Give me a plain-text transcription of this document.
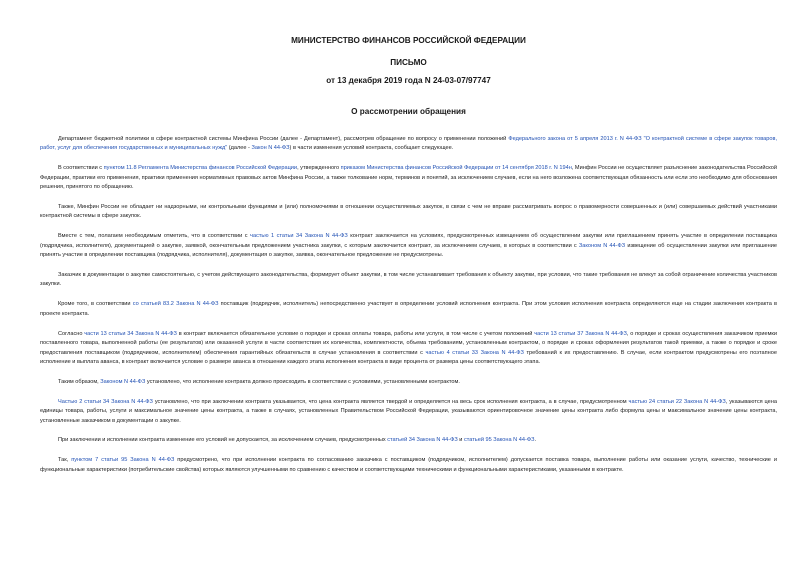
МИНИСТЕРСТВО ФИНАНСОВ РОССИЙСКОЙ ФЕДЕРАЦИИ
ПИСЬМО
от 13 декабря 2019 года N 24-03-07/97747
О рассмотрении обращения

Департамент бюджетной политики в сфере контрактной системы Минфина России (далее - Департамент), рассмотрев обращение по вопросу о применении положений Федерального закона от 5 апреля 2013 г. N 44-ФЗ "О контрактной системе в сфере закупок товаров, работ, услуг для обеспечения государственных и муниципальных нужд" (далее - Закон N 44-ФЗ) в части изменения условий контракта, сообщает следующее.

В соответствии с пунктом 11.8 Регламента Министерства финансов Российской Федерации, утвержденного приказом Министерства финансов Российской Федерации от 14 сентября 2018 г. N 194н, Минфин России не осуществляет разъяснение законодательства Российской Федерации, практики его применения, практики применения нормативных правовых актов Минфина России, а также толкование норм, терминов и понятий, за исключением случаев, если на него возложена соответствующая обязанность или если это необходимо для обоснования решения, принятого по обращению.

Также, Минфин России не обладает ни надзорными, ни контрольными функциями и (или) полномочиями в отношении осуществляемых закупок, в связи с чем не вправе рассматривать вопрос о правомерности совершенных и (или) совершаемых действий участниками контрактной системы в сфере закупок.

Вместе с тем, полагаем необходимым отметить, что в соответствии с частью 1 статьи 34 Закона N 44-ФЗ контракт заключается на условиях, предусмотренных извещением об осуществлении закупки или приглашением принять участие в определении поставщика (подрядчика, исполнителя), документацией о закупке, заявкой, окончательным предложением участника закупки, с которым заключается контракт, за исключением случаев, в которых в соответствии с Законом N 44-ФЗ извещение об осуществлении закупки или приглашение принять участие в определении поставщика (подрядчика, исполнителя), документация о закупке, заявка, окончательное предложение не предусмотрены.

Заказчик в документации о закупке самостоятельно, с учетом действующего законодательства, формирует объект закупки, в том числе устанавливает требования к объекту закупки, при условии, что такие требования не влекут за собой ограничение количества участников закупки.

Кроме того, в соответствии со статьей 83.2 Закона N 44-ФЗ поставщик (подрядчик, исполнитель) непосредственно участвует в определении условий исполнения контракта. При этом условия исполнения контракта определяются еще на стадии заключения контракта в проекте контракта.

Согласно части 13 статьи 34 Закона N 44-ФЗ в контракт включается обязательное условие о порядке и сроках оплаты товара, работы или услуги, в том числе с учетом положений части 13 статьи 37 Закона N 44-ФЗ, о порядке и сроках осуществления заказчиком приемки поставленного товара, выполненной работы (ее результатов) или оказанной услуги в части соответствия их количества, комплектности, объема требованиям, установленным контрактом, о порядке и сроках оформления результатов такой приемки, а также о порядке и сроке предоставления поставщиком (подрядчиком, исполнителем) обеспечения гарантийных обязательств в случае установления в соответствии с частью 4 статьи 33 Закона N 44-ФЗ требований к их предоставлению. В случае, если контрактом предусмотрены его поэтапное исполнение и выплата аванса, в контракт включается условие о размере аванса в отношении каждого этапа исполнения контракта в виде процента от размера цены соответствующего этапа.

Таким образом, Законом N 44-ФЗ установлено, что исполнение контракта должно происходить в соответствии с условиями, установленными контрактом.

Частью 2 статьи 34 Закона N 44-ФЗ установлено, что при заключении контракта указывается, что цена контракта является твердой и определяется на весь срок исполнения контракта, а в случае, предусмотренном частью 24 статьи 22 Закона N 44-ФЗ, указываются цена единицы товара, работы, услуги и максимальное значение цены контракта, а также в случаях, установленных Правительством Российской Федерации, указываются ориентировочное значение цены контракта либо формула цены и максимальное значение цены контракта, установленные заказчиком в документации о закупке.

При заключении и исполнении контракта изменение его условий не допускается, за исключением случаев, предусмотренных статьей 34 Закона N 44-ФЗ и статьей 95 Закона N 44-ФЗ.

Так, пунктом 7 статьи 95 Закона N 44-ФЗ предусмотрено, что при исполнении контракта по согласованию заказчика с поставщиком (подрядчиком, исполнителем) допускается поставка товара, выполнение работы или оказание услуги, качество, технические и функциональные характеристики (потребительские свойства) которых являются улучшенными по сравнению с качеством и соответствующими техническими и функциональными характеристиками, указанными в контракте.
